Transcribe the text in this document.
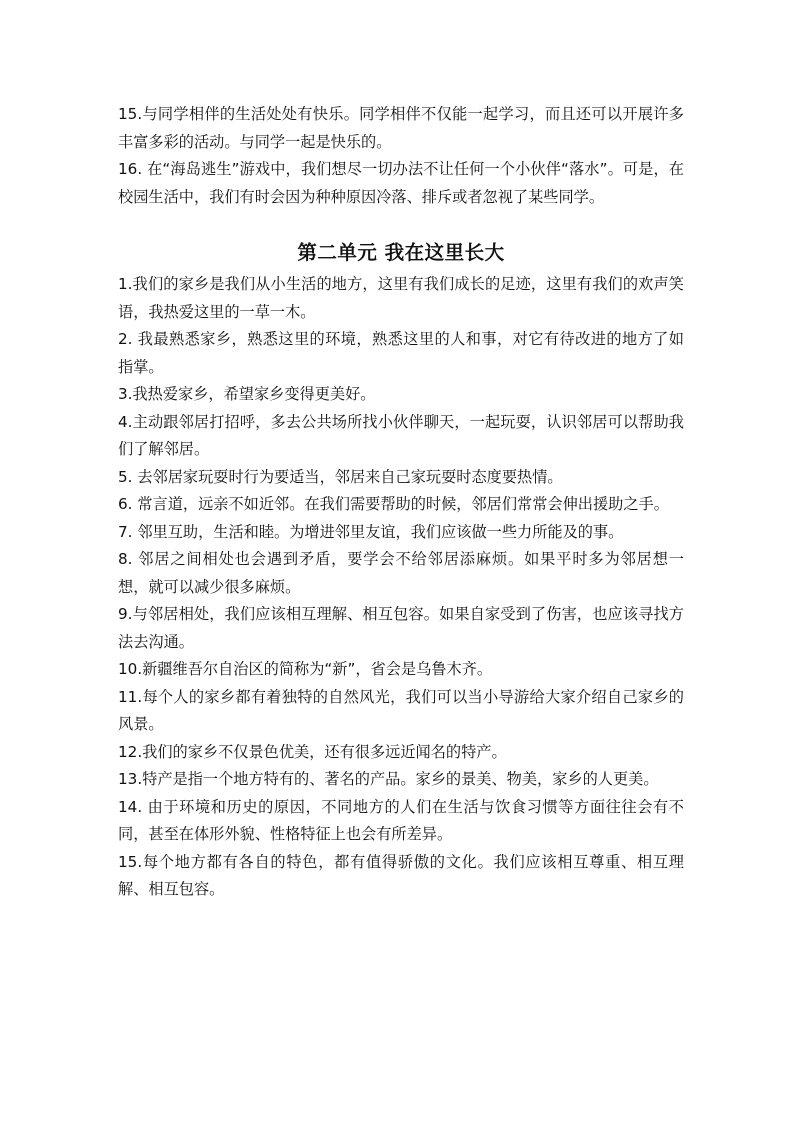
15.与同学相伴的生活处处有快乐。同学相伴不仅能一起学习，而且还可以开展许多丰富多彩的活动。与同学一起是快乐的。

16. 在“海岛逃生”游戏中，我们想尽一切办法不让任何一个小伙伴“落水”。可是，在校园生活中，我们有时会因为种种原因冷落、排斥或者忽视了某些同学。

第二单元 我在这里长大

1.我们的家乡是我们从小生活的地方，这里有我们成长的足迹，这里有我们的欢声笑语，我热爱这里的一草一木。

2. 我最熟悉家乡，熟悉这里的环境，熟悉这里的人和事，对它有待改进的地方了如指掌。

3.我热爱家乡，希望家乡变得更美好。

4.主动跟邻居打招呼，多去公共场所找小伙伴聊天，一起玩耍，认识邻居可以帮助我们了解邻居。

5. 去邻居家玩耍时行为要适当，邻居来自己家玩耍时态度要热情。

6. 常言道，远亲不如近邻。在我们需要帮助的时候，邻居们常常会伸出援助之手。

7. 邻里互助，生活和睦。为增进邻里友谊，我们应该做一些力所能及的事。

8. 邻居之间相处也会遇到矛盾，要学会不给邻居添麻烦。如果平时多为邻居想一想，就可以减少很多麻烦。

9.与邻居相处，我们应该相互理解、相互包容。如果自家受到了伤害，也应该寻找方法去沟通。

10.新疆维吾尔自治区的简称为“新”，省会是乌鲁木齐。

11.每个人的家乡都有着独特的自然风光，我们可以当小导游给大家介绍自己家乡的风景。

12.我们的家乡不仅景色优美，还有很多远近闻名的特产。

13.特产是指一个地方特有的、著名的产品。家乡的景美、物美，家乡的人更美。

14. 由于环境和历史的原因，不同地方的人们在生活与饮食习惯等方面往往会有不同，甚至在体形外貌、性格特征上也会有所差异。

15.每个地方都有各自的特色，都有值得骄傲的文化。我们应该相互尊重、相互理解、相互包容。
